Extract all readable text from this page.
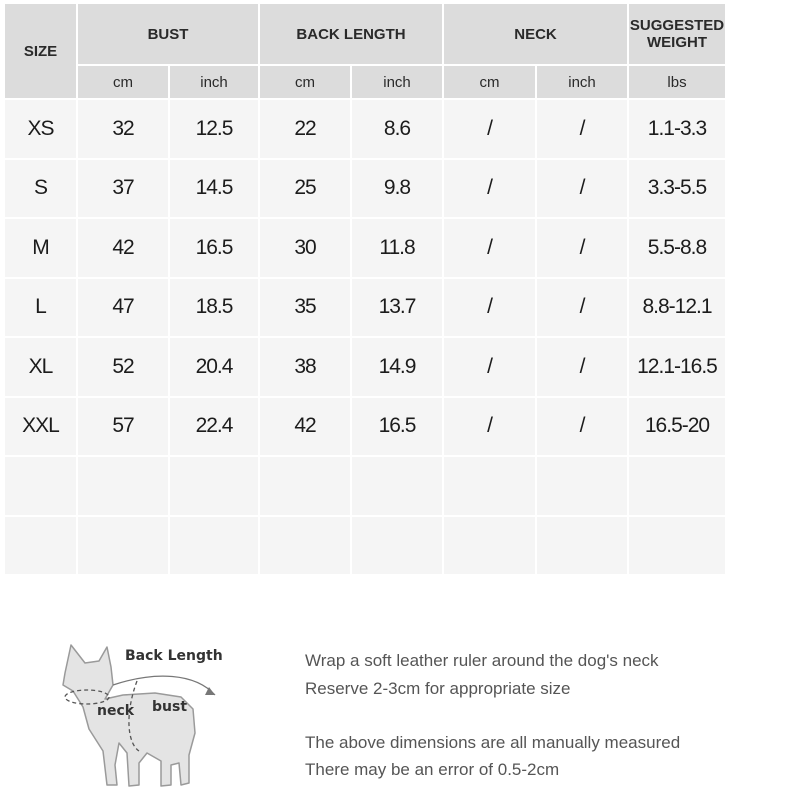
SIZE
BUST	BACK LENGTH	NECK	SUGGESTED WEIGHT
cm	inch	cm	inch	cm	inch	lbs
XS	32	12.5	22	8.6	/	/	1.1-3.3
S	37	14.5	25	9.8	/	/	3.3-5.5
M	42	16.5	30	11.8	/	/	5.5-8.8
L	47	18.5	35	13.7	/	/	8.8-12.1
XL	52	20.4	38	14.9	/	/	12.1-16.5
XXL	57	22.4	42	16.5	/	/	16.5-20
Back Length
neck bust
Wrap a soft leather ruler around the dog's neck
Reserve 2-3cm for appropriate size
The above dimensions are all manually measured
There may be an error of 0.5-2cm
